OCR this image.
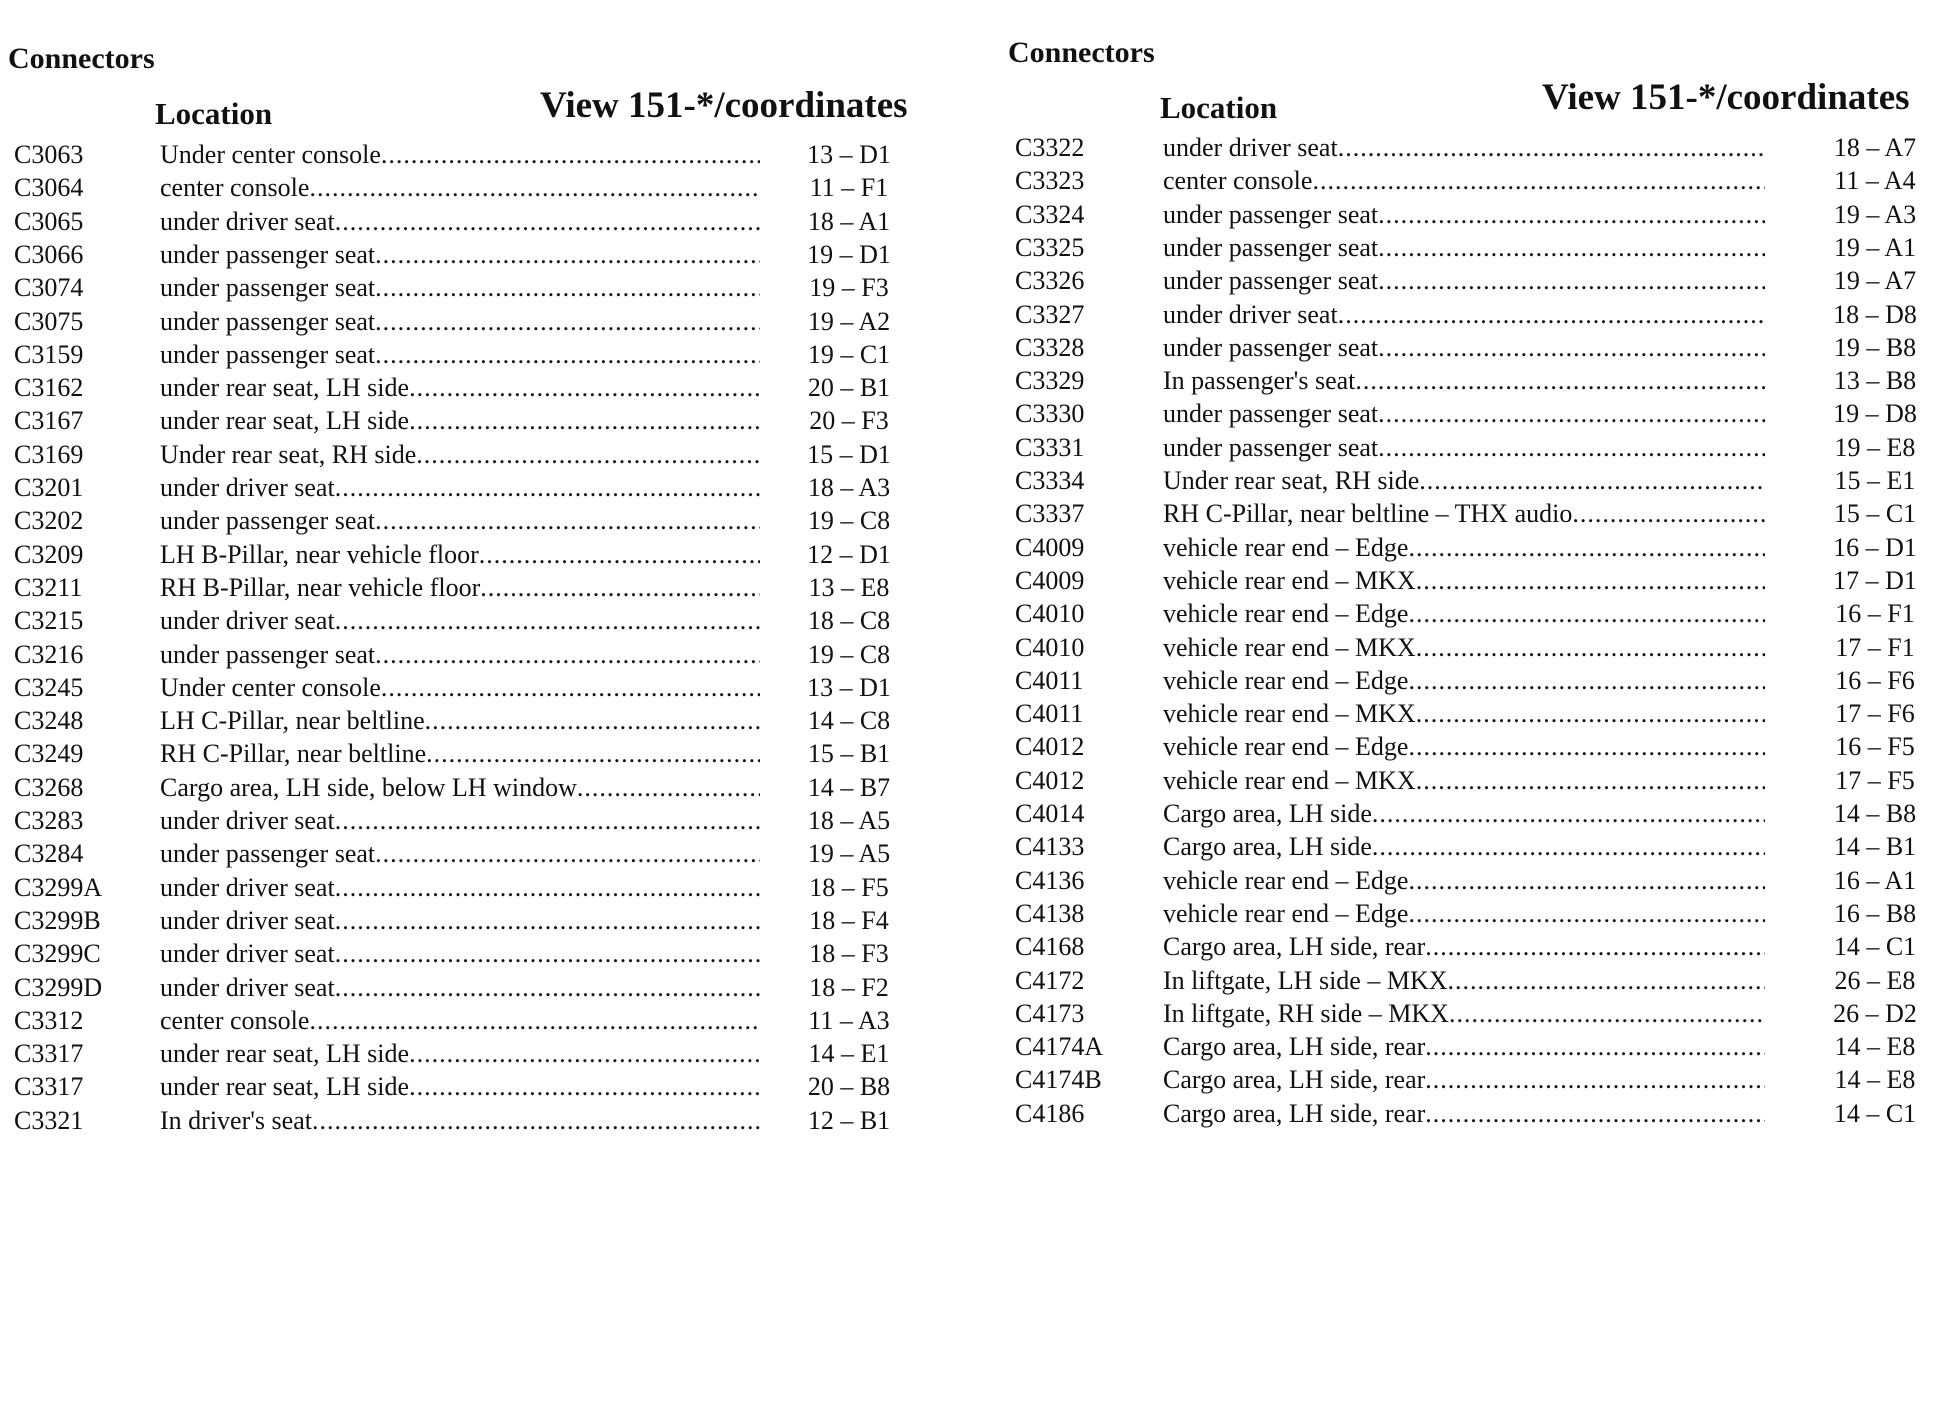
Connectors
Location	View 151-*/coordinates
C3063	Under center console .....	13 – D1
C3064	center console .....	11 – F1
C3065	under driver seat .....	18 – A1
C3066	under passenger seat .....	19 – D1
C3074	under passenger seat .....	19 – F3
C3075	under passenger seat .....	19 – A2
C3159	under passenger seat .....	19 – C1
C3162	under rear seat, LH side .....	20 – B1
C3167	under rear seat, LH side .....	20 – F3
C3169	Under rear seat, RH side .....	15 – D1
C3201	under driver seat .....	18 – A3
C3202	under passenger seat .....	19 – C8
C3209	LH B-Pillar, near vehicle floor .....	12 – D1
C3211	RH B-Pillar, near vehicle floor .....	13 – E8
C3215	under driver seat .....	18 – C8
C3216	under passenger seat .....	19 – C8
C3245	Under center console .....	13 – D1
C3248	LH C-Pillar, near beltline .....	14 – C8
C3249	RH C-Pillar, near beltline .....	15 – B1
C3268	Cargo area, LH side, below LH window .....	14 – B7
C3283	under driver seat .....	18 – A5
C3284	under passenger seat .....	19 – A5
C3299A under driver seat .....	18 – F5
C3299B under driver seat .....	18 – F4
C3299C under driver seat .....	18 – F3
C3299D under driver seat .....	18 – F2
C3312	center console .....	11 – A3
C3317	under rear seat, LH side .....	14 – E1
C3317	under rear seat, LH side .....	20 – B8
C3321	In driver's seat .....	12 – B1
Connectors
Location	View 151-*/coordinates
C3322	under driver seat .....	18 – A7
C3323	center console .....	11 – A4
C3324	under passenger seat .....	19 – A3
C3325	under passenger seat .....	19 – A1
C3326	under passenger seat .....	19 – A7
C3327	under driver seat .....	18 – D8
C3328	under passenger seat .....	19 – B8
C3329	In passenger's seat .....	13 – B8
C3330	under passenger seat .....	19 – D8
C3331	under passenger seat .....	19 – E8
C3334	Under rear seat, RH side .....	15 – E1
C3337	RH C-Pillar, near beltline – THX audio .....	15 – C1
C4009	vehicle rear end – Edge .....	16 – D1
C4009	vehicle rear end – MKX .....	17 – D1
C4010	vehicle rear end – Edge .....	16 – F1
C4010	vehicle rear end – MKX .....	17 – F1
C4011	vehicle rear end – Edge .....	16 – F6
C4011	vehicle rear end – MKX .....	17 – F6
C4012	vehicle rear end – Edge .....	16 – F5
C4012	vehicle rear end – MKX .....	17 – F5
C4014	Cargo area, LH side .....	14 – B8
C4133	Cargo area, LH side .....	14 – B1
C4136	vehicle rear end – Edge .....	16 – A1
C4138	vehicle rear end – Edge .....	16 – B8
C4168	Cargo area, LH side, rear .....	14 – C1
C4172	In liftgate, LH side – MKX .....	26 – E8
C4173	In liftgate, RH side – MKX .....	26 – D2
C4174A Cargo area, LH side, rear .....	14 – E8
C4174B Cargo area, LH side, rear .....	14 – E8
C4186	Cargo area, LH side, rear .....	14 – C1
